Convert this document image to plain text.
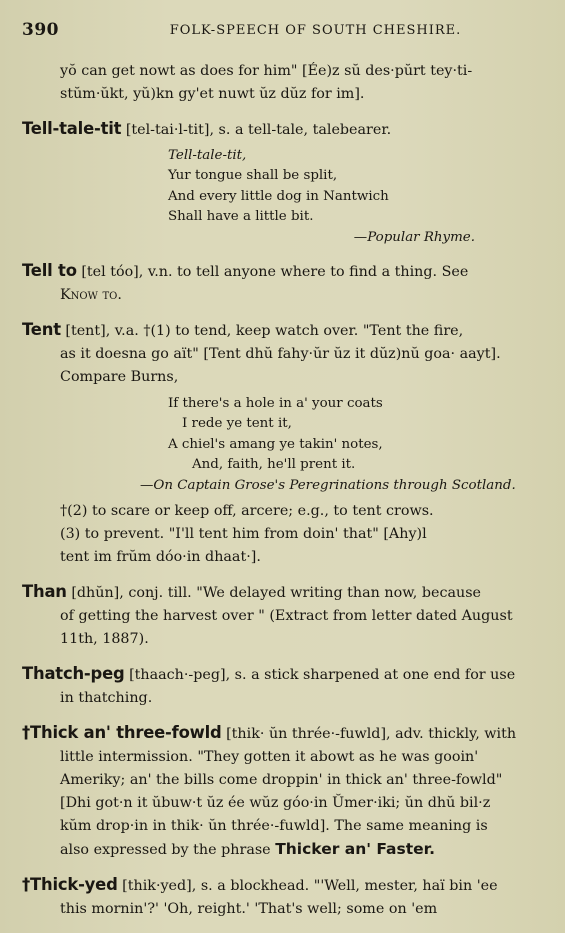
390	FOLK-SPEECH OF SOUTH CHESHIRE.
yŏ can get nowt as does for him" [Ée)z sŭ des·pŭrt tey·ti-
stŭm·ŭkt, yŭ)kn gy'et nuwt ŭz dŭz for im].
Tell-tale-tit [tel-tai·l-tit], s. a tell-tale, talebearer.
Tell-tale-tit,
Yur tongue shall be split,
And every little dog in Nantwich
Shall have a little bit.
—Popular Rhyme.
Tell to [tel tóo], v.n. to tell anyone where to find a thing. See
Know to.
Tent [tent], v.a. †(1) to tend, keep watch over. "Tent the fire,
as it doesna go aït" [Tent dhŭ fahy·ŭr ŭz it dŭz)nŭ goa· aayt].
Compare Burns,
If there's a hole in a' your coats
I rede ye tent it,
A chiel's amang ye takin' notes,
And, faith, he'll prent it.
—On Captain Grose's Peregrinations through Scotland.
†(2) to scare or keep off, arcere; e.g., to tent crows.
(3) to prevent. "I'll tent him from doin' that" [Ahy)l
tent im frŭm dóo·in dhaat·].
Than [dhŭn], conj. till. "We delayed writing than now, because
of getting the harvest over " (Extract from letter dated August
11th, 1887).
Thatch-peg [thaach·-peg], s. a stick sharpened at one end for use
in thatching.
†Thick an' three-fowld [thik· ŭn thrée·-fuwld], adv. thickly, with
little intermission. "They gotten it abowt as he was gooin'
Ameriky; an' the bills come droppin' in thick an' three-fowld"
[Dhi got·n it ŭbuw·t ŭz ée wŭz góo·in Ŭmer·iki; ŭn dhŭ bil·z
kŭm drop·in in thik· ŭn thrée·-fuwld]. The same meaning is
also expressed by the phrase Thicker an' Faster.
†Thick-yed [thik·yed], s. a blockhead. "'Well, mester, haï bin 'ee
this mornin'?' 'Oh, reight.' 'That's well; some on 'em
